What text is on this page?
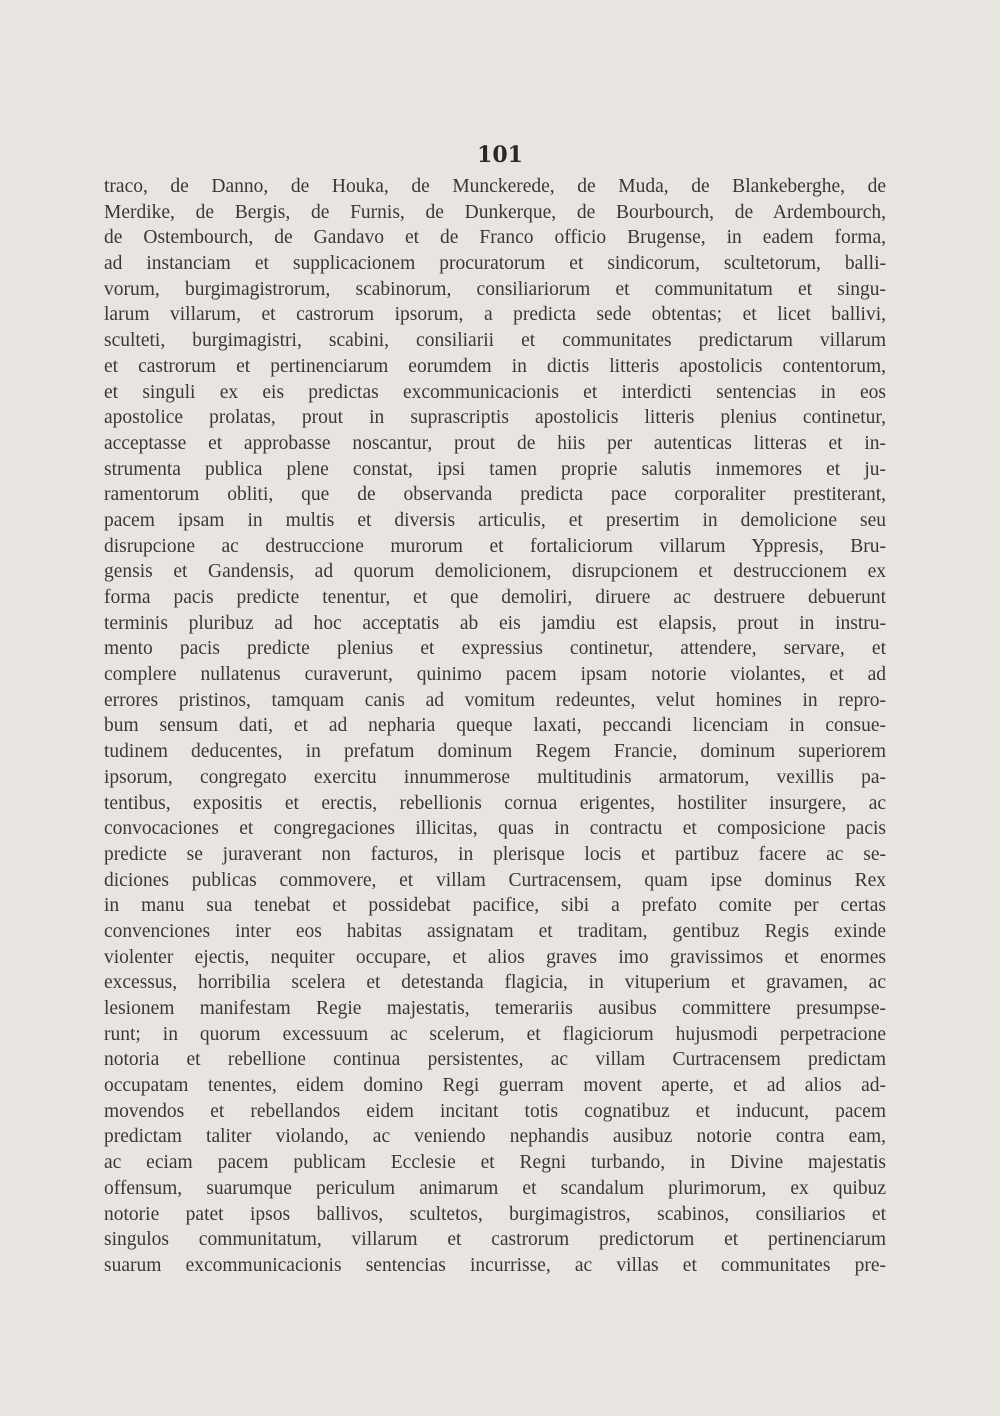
101
traco, de Danno, de Houka, de Munckerede, de Muda, de Blankeberghe, de
Merdike, de Bergis, de Furnis, de Dunkerque, de Bourbourch, de Ardembourch,
de Ostembourch, de Gandavo et de Franco officio Brugense, in eadem forma,
ad instanciam et supplicacionem procuratorum et sindicorum, scultetorum, balli-
vorum, burgimagistrorum, scabinorum, consiliariorum et communitatum et singu-
larum villarum, et castrorum ipsorum, a predicta sede obtentas; et licet ballivi,
sculteti, burgimagistri, scabini, consiliarii et communitates predictarum villarum
et castrorum et pertinenciarum eorumdem in dictis litteris apostolicis contentorum,
et singuli ex eis predictas excommunicacionis et interdicti sentencias in eos
apostolice prolatas, prout in suprascriptis apostolicis litteris plenius continetur,
acceptasse et approbasse noscantur, prout de hiis per autenticas litteras et in-
strumenta publica plene constat, ipsi tamen proprie salutis inmemores et ju-
ramentorum obliti, que de observanda predicta pace corporaliter prestiterant,
pacem ipsam in multis et diversis articulis, et presertim in demolicione seu
disrupcione ac destruccione murorum et fortaliciorum villarum Yppresis, Bru-
gensis et Gandensis, ad quorum demolicionem, disrupcionem et destruccionem ex
forma pacis predicte tenentur, et que demoliri, diruere ac destruere debuerunt
terminis pluribuz ad hoc acceptatis ab eis jamdiu est elapsis, prout in instru-
mento pacis predicte plenius et expressius continetur, attendere, servare, et
complere nullatenus curaverunt, quinimo pacem ipsam notorie violantes, et ad
errores pristinos, tamquam canis ad vomitum redeuntes, velut homines in repro-
bum sensum dati, et ad nepharia queque laxati, peccandi licenciam in consue-
tudinem deducentes, in prefatum dominum Regem Francie, dominum superiorem
ipsorum, congregato exercitu innummerose multitudinis armatorum, vexillis pa-
tentibus, expositis et erectis, rebellionis cornua erigentes, hostiliter insurgere, ac
convocaciones et congregaciones illicitas, quas in contractu et composicione pacis
predicte se juraverant non facturos, in plerisque locis et partibuz facere ac se-
diciones publicas commovere, et villam Curtracensem, quam ipse dominus Rex
in manu sua tenebat et possidebat pacifice, sibi a prefato comite per certas
convenciones inter eos habitas assignatam et traditam, gentibuz Regis exinde
violenter ejectis, nequiter occupare, et alios graves imo gravissimos et enormes
excessus, horribilia scelera et detestanda flagicia, in vituperium et gravamen, ac
lesionem manifestam Regie majestatis, temerariis ausibus committere presumpse-
runt; in quorum excessuum ac scelerum, et flagiciorum hujusmodi perpetracione
notoria et rebellione continua persistentes, ac villam Curtracensem predictam
occupatam tenentes, eidem domino Regi guerram movent aperte, et ad alios ad-
movendos et rebellandos eidem incitant totis cognatibuz et inducunt, pacem
predictam taliter violando, ac veniendo nephandis ausibuz notorie contra eam,
ac eciam pacem publicam Ecclesie et Regni turbando, in Divine majestatis
offensum, suarumque periculum animarum et scandalum plurimorum, ex quibuz
notorie patet ipsos ballivos, scultetos, burgimagistros, scabinos, consiliarios et
singulos communitatum, villarum et castrorum predictorum et pertinenciarum
suarum excommunicacionis sentencias incurrisse, ac villas et communitates pre-
